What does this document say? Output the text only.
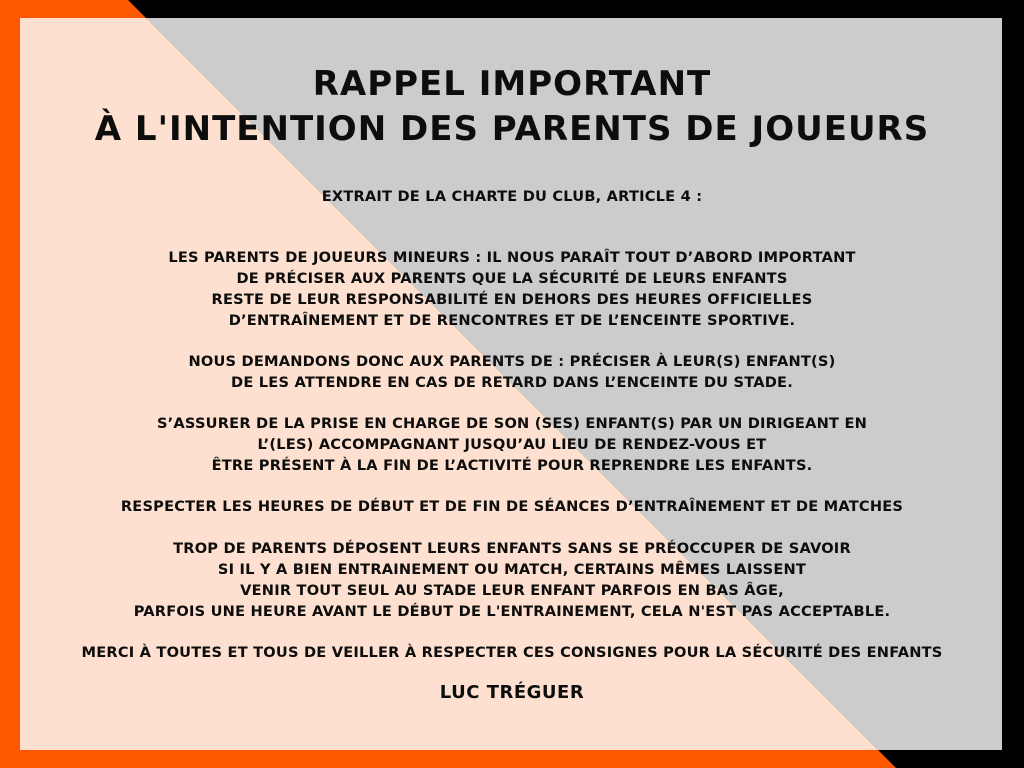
RAPPEL IMPORTANT
À L'INTENTION DES PARENTS DE JOUEURS

EXTRAIT DE LA CHARTE DU CLUB, ARTICLE 4 :

LES PARENTS DE JOUEURS MINEURS : IL NOUS PARAÎT TOUT D’ABORD IMPORTANT
DE PRÉCISER AUX PARENTS QUE LA SÉCURITÉ DE LEURS ENFANTS
RESTE DE LEUR RESPONSABILITÉ EN DEHORS DES HEURES OFFICIELLES
D’ENTRAÎNEMENT ET DE RENCONTRES ET DE L’ENCEINTE SPORTIVE.

NOUS DEMANDONS DONC AUX PARENTS DE : PRÉCISER À LEUR(S) ENFANT(S)
DE LES ATTENDRE EN CAS DE RETARD DANS L’ENCEINTE DU STADE.

S’ASSURER DE LA PRISE EN CHARGE DE SON (SES) ENFANT(S) PAR UN DIRIGEANT EN
L’(LES) ACCOMPAGNANT JUSQU’AU LIEU DE RENDEZ-VOUS ET
ÊTRE PRÉSENT À LA FIN DE L’ACTIVITÉ POUR REPRENDRE LES ENFANTS.

RESPECTER LES HEURES DE DÉBUT ET DE FIN DE SÉANCES D’ENTRAÎNEMENT ET DE MATCHES

TROP DE PARENTS DÉPOSENT LEURS ENFANTS SANS SE PRÉOCCUPER DE SAVOIR
SI IL Y A BIEN ENTRAINEMENT OU MATCH, CERTAINS MÊMES LAISSENT
VENIR TOUT SEUL AU STADE LEUR ENFANT PARFOIS EN BAS ÂGE,
PARFOIS UNE HEURE AVANT LE DÉBUT DE L'ENTRAINEMENT, CELA N'EST PAS ACCEPTABLE.

MERCI À TOUTES ET TOUS DE VEILLER À RESPECTER CES CONSIGNES POUR LA SÉCURITÉ DES ENFANTS

LUC TRÉGUER
